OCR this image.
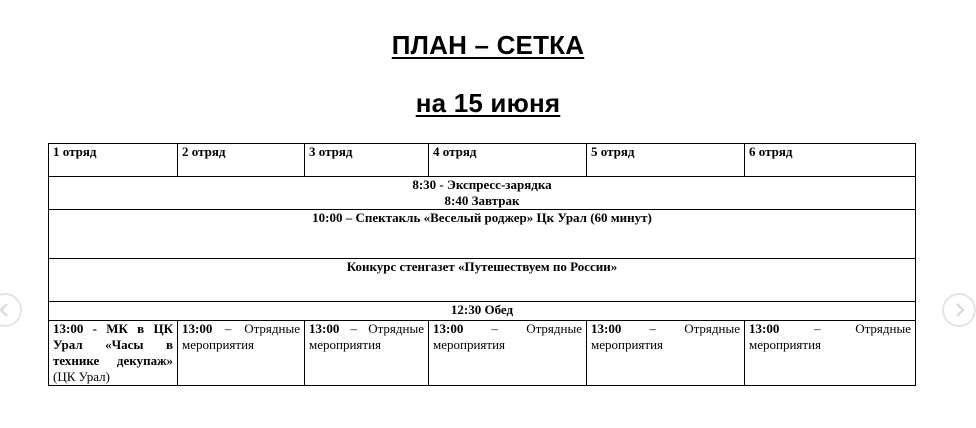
ПЛАН – СЕТКА
на 15 июня
1 отряд	2 отряд	3 отряд	4 отряд	5 отряд	6 отряд

8:30 - Экспресс-зарядка
8:40 Завтрак					

10:00 – Спектакль «Веселый роджер» Цк Урал (60 минут)					
Конкурс стенгазет «Путешествуем по России»					
12:30 Обед					
13:00 - МК в ЦК Урал «Часы в технике декупаж» (ЦК Урал)	13:00 – Отрядные мероприятия	13:00 – Отрядные мероприятия	13:00 – Отрядные мероприятия	13:00 – Отрядные мероприятия	13:00 – Отрядные мероприятия
